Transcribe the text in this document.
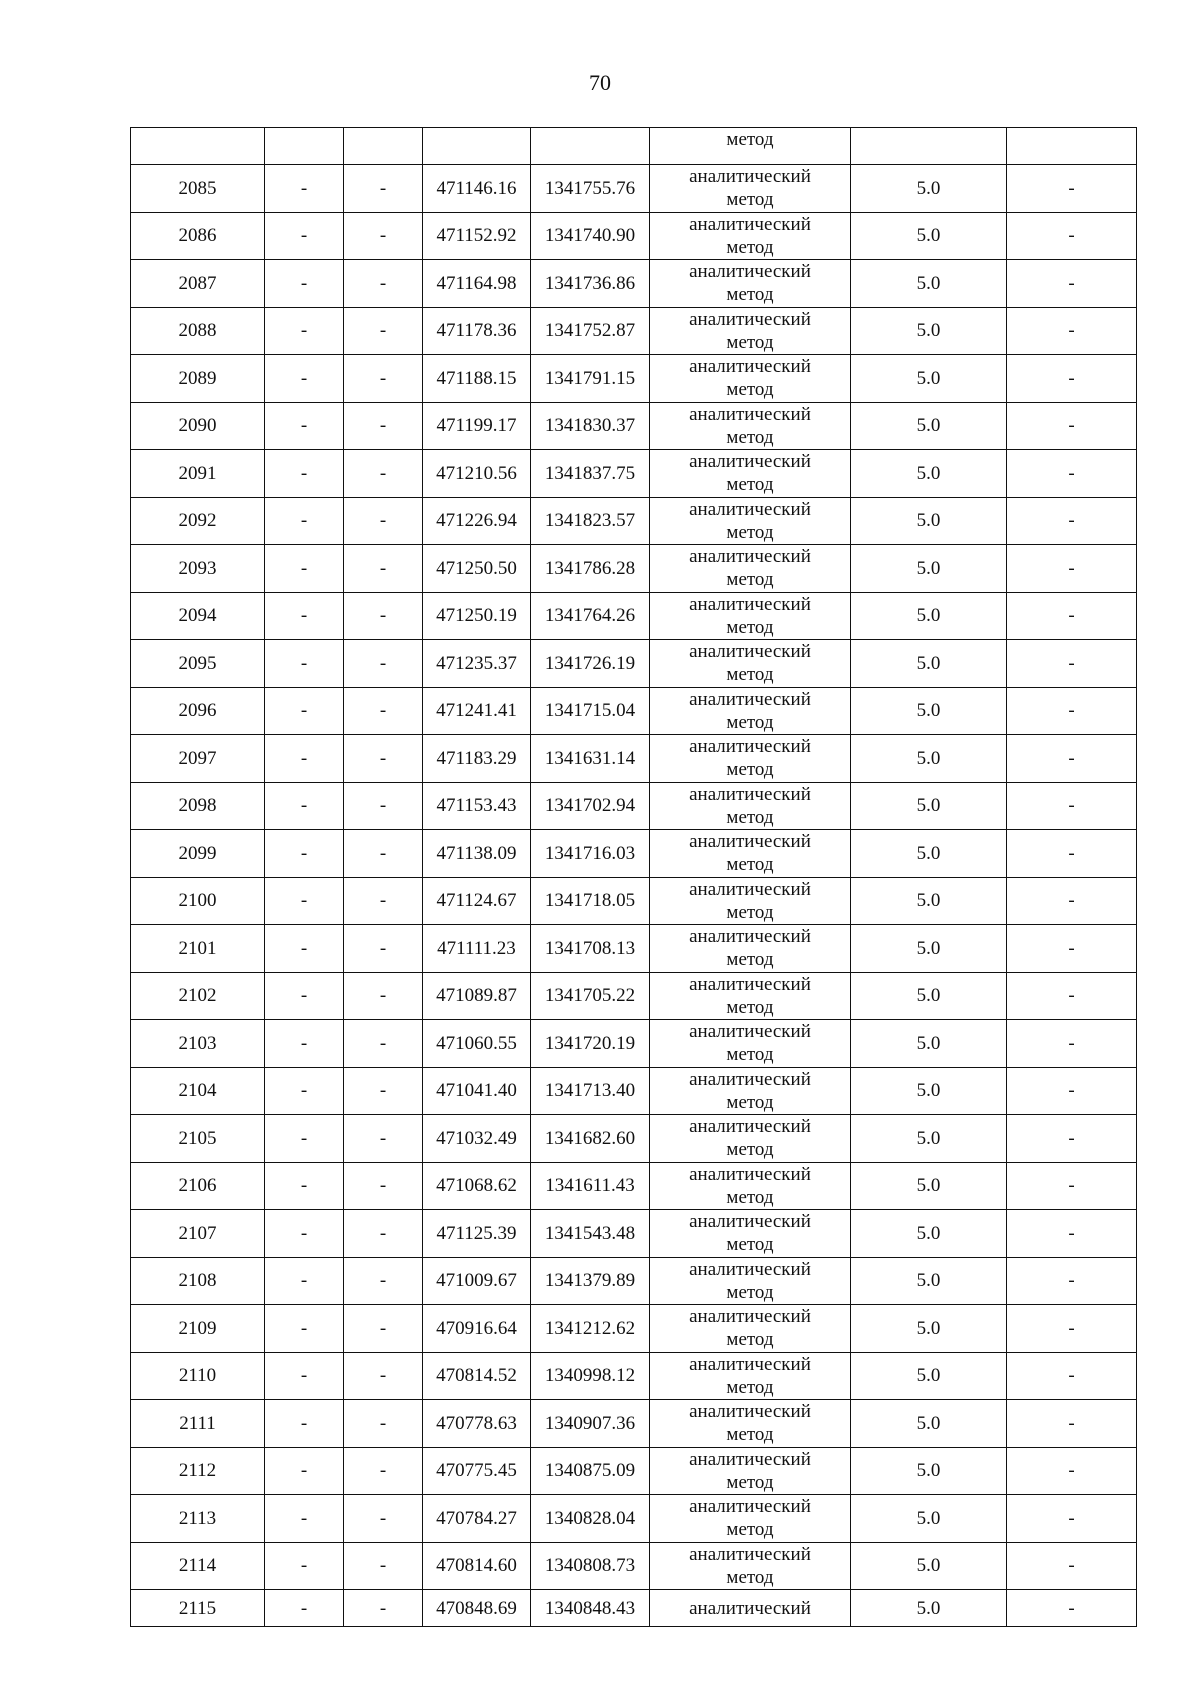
70
					метод		
2085	-	-	471146.16	1341755.76	аналитический
метод	5.0	-
2086	-	-	471152.92	1341740.90	аналитический
метод	5.0	-
2087	-	-	471164.98	1341736.86	аналитический
метод	5.0	-
2088	-	-	471178.36	1341752.87	аналитический
метод	5.0	-
2089	-	-	471188.15	1341791.15	аналитический
метод	5.0	-
2090	-	-	471199.17	1341830.37	аналитический
метод	5.0	-
2091	-	-	471210.56	1341837.75	аналитический
метод	5.0	-
2092	-	-	471226.94	1341823.57	аналитический
метод	5.0	-
2093	-	-	471250.50	1341786.28	аналитический
метод	5.0	-
2094	-	-	471250.19	1341764.26	аналитический
метод	5.0	-
2095	-	-	471235.37	1341726.19	аналитический
метод	5.0	-
2096	-	-	471241.41	1341715.04	аналитический
метод	5.0	-
2097	-	-	471183.29	1341631.14	аналитический
метод	5.0	-
2098	-	-	471153.43	1341702.94	аналитический
метод	5.0	-
2099	-	-	471138.09	1341716.03	аналитический
метод	5.0	-
2100	-	-	471124.67	1341718.05	аналитический
метод	5.0	-
2101	-	-	471111.23	1341708.13	аналитический
метод	5.0	-
2102	-	-	471089.87	1341705.22	аналитический
метод	5.0	-
2103	-	-	471060.55	1341720.19	аналитический
метод	5.0	-
2104	-	-	471041.40	1341713.40	аналитический
метод	5.0	-
2105	-	-	471032.49	1341682.60	аналитический
метод	5.0	-
2106	-	-	471068.62	1341611.43	аналитический
метод	5.0	-
2107	-	-	471125.39	1341543.48	аналитический
метод	5.0	-
2108	-	-	471009.67	1341379.89	аналитический
метод	5.0	-
2109	-	-	470916.64	1341212.62	аналитический
метод	5.0	-
2110	-	-	470814.52	1340998.12	аналитический
метод	5.0	-
2111	-	-	470778.63	1340907.36	аналитический
метод	5.0	-
2112	-	-	470775.45	1340875.09	аналитический
метод	5.0	-
2113	-	-	470784.27	1340828.04	аналитический
метод	5.0	-
2114	-	-	470814.60	1340808.73	аналитический
метод	5.0	-
2115	-	-	470848.69	1340848.43	аналитический	5.0	-
